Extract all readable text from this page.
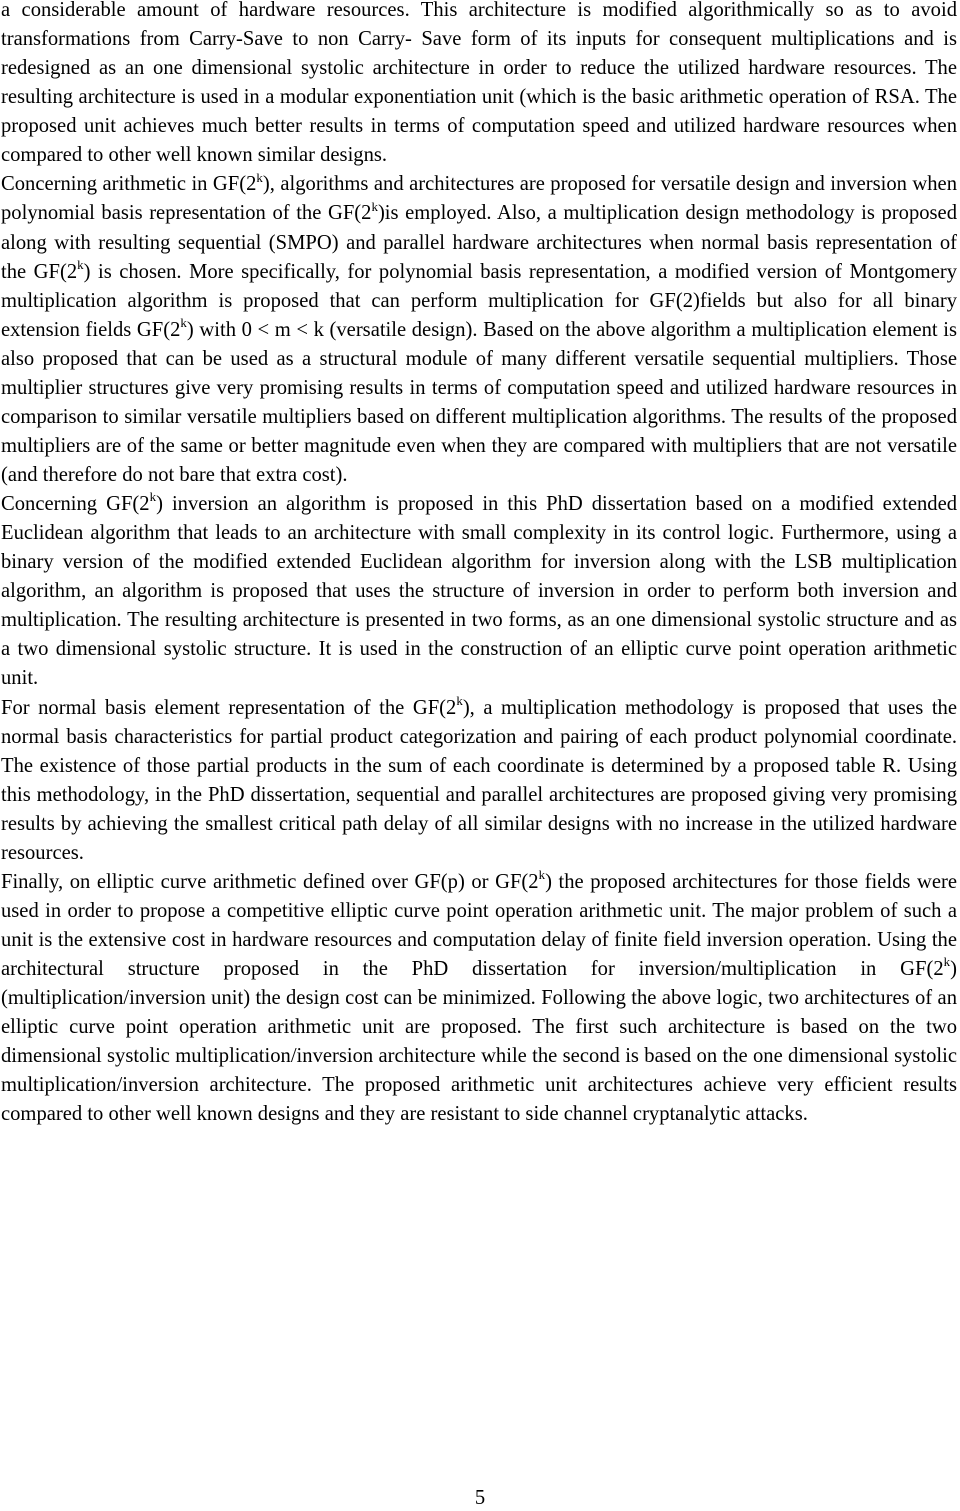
a considerable amount of hardware resources. This architecture is modified algorithmically so as to avoid transformations from Carry-Save to non Carry- Save form of its inputs for consequent multiplications and is redesigned as an one dimensional systolic architecture in order to reduce the utilized hardware resources. The resulting architecture is used in a modular exponentiation unit (which is the basic arithmetic operation of RSA. The proposed unit achieves much better results in terms of computation speed and utilized hardware resources when compared to other well known similar designs.

Concerning arithmetic in GF(2$^k$), algorithms and architectures are proposed for versatile design and inversion when polynomial basis representation of the GF(2$^k$)is employed. Also, a multiplication design methodology is proposed along with resulting sequential (SMPO) and parallel hardware architectures when normal basis representation of the GF(2$^k$) is chosen. More specifically, for polynomial basis representation, a modified version of Montgomery multiplication algorithm is proposed that can perform multiplication for GF(2)fields but also for all binary extension fields GF(2$^k$) with 0 < m < k (versatile design). Based on the above algorithm a multiplication element is also proposed that can be used as a structural module of many different versatile sequential multipliers. Those multiplier structures give very promising results in terms of computation speed and utilized hardware resources in comparison to similar versatile multipliers based on different multiplication algorithms. The results of the proposed multipliers are of the same or better magnitude even when they are compared with multipliers that are not versatile (and therefore do not bare that extra cost).

Concerning GF(2$^k$) inversion an algorithm is proposed in this PhD dissertation based on a modified extended Euclidean algorithm that leads to an architecture with small complexity in its control logic. Furthermore, using a binary version of the modified extended Euclidean algorithm for inversion along with the LSB multiplication algorithm, an algorithm is proposed that uses the structure of inversion in order to perform both inversion and multiplication. The resulting architecture is presented in two forms, as an one dimensional systolic structure and as a two dimensional systolic structure. It is used in the construction of an elliptic curve point operation arithmetic unit.

For normal basis element representation of the GF(2$^k$), a multiplication methodology is proposed that uses the normal basis characteristics for partial product categorization and pairing of each product polynomial coordinate. The existence of those partial products in the sum of each coordinate is determined by a proposed table R. Using this methodology, in the PhD dissertation, sequential and parallel architectures are proposed giving very promising results by achieving the smallest critical path delay of all similar designs with no increase in the utilized hardware resources.

Finally, on elliptic curve arithmetic defined over GF(p) or GF(2$^k$) the proposed architectures for those fields were used in order to propose a competitive elliptic curve point operation arithmetic unit. The major problem of such a unit is the extensive cost in hardware resources and computation delay of finite field inversion operation. Using the architectural structure proposed in the PhD dissertation for inversion/multiplication in GF(2$^k$) (multiplication/inversion unit) the design cost can be minimized. Following the above logic, two architectures of an elliptic curve point operation arithmetic unit are proposed. The first such architecture is based on the two dimensional systolic multiplication/inversion architecture while the second is based on the one dimensional systolic multiplication/inversion architecture. The proposed arithmetic unit architectures achieve very efficient results compared to other well known designs and they are resistant to side channel cryptanalytic attacks.

5
